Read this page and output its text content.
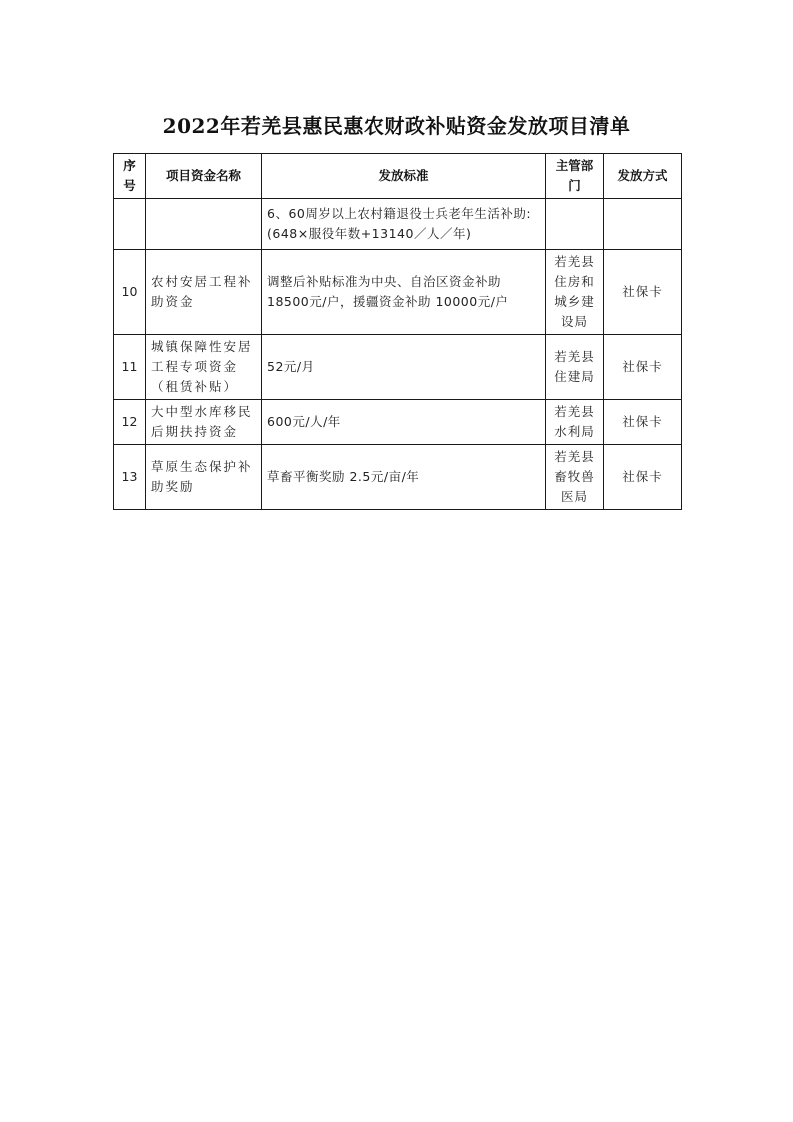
2022年若羌县惠民惠农财政补贴资金发放项目清单
序号	项目资金名称	发放标准	主管部门	发放方式
		6、60周岁以上农村籍退役士兵老年生活补助:(648×服役年数+13140／人／年)		
10	农村安居工程补助资金	调整后补贴标准为中央、自治区资金补助18500元/户，援疆资金补助 10000元/户	若羌县住房和城乡建设局	社保卡
11	城镇保障性安居工程专项资金（租赁补贴）	52元/月	若羌县住建局	社保卡
12	大中型水库移民后期扶持资金	600元/人/年	若羌县水利局	社保卡
13	草原生态保护补助奖励	草畜平衡奖励 2.5元/亩/年	若羌县畜牧兽医局	社保卡
